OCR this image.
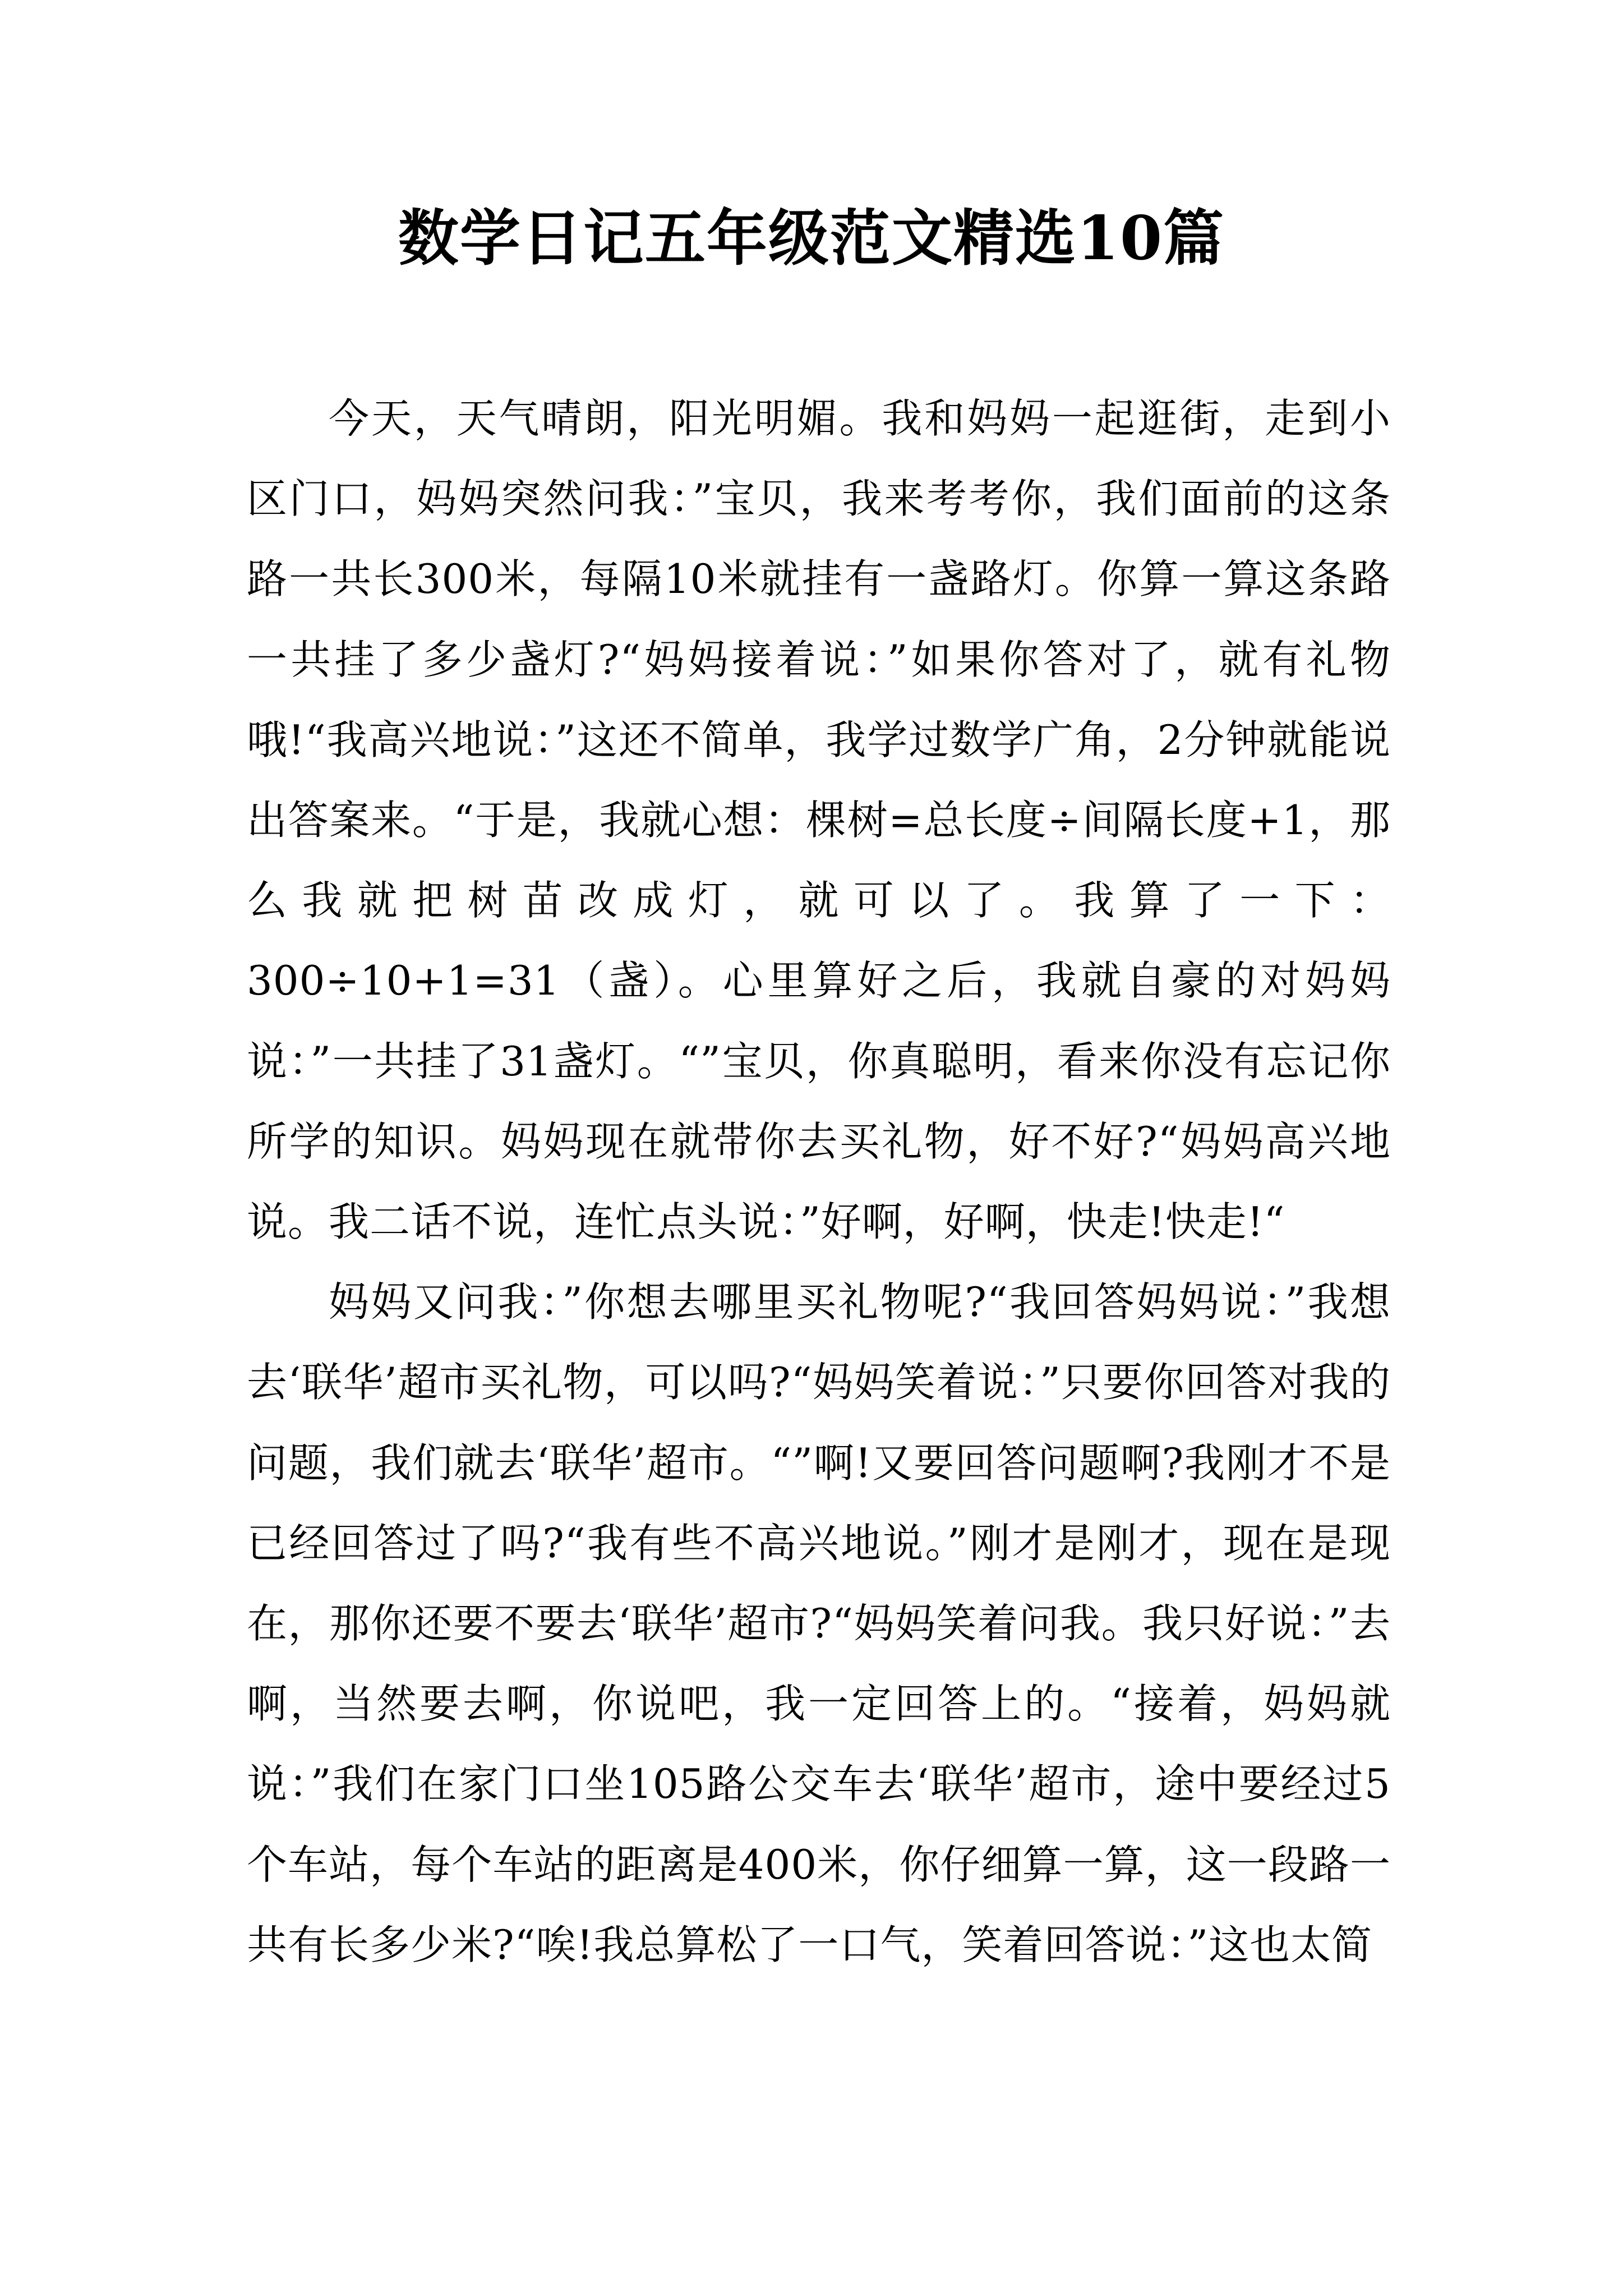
数学日记五年级范文精选10篇

今天，天气晴朗，阳光明媚。我和妈妈一起逛街，走到小区门口，妈妈突然问我：”宝贝，我来考考你，我们面前的这条路一共长300米，每隔10米就挂有一盏路灯。你算一算这条路一共挂了多少盏灯?“妈妈接着说：”如果你答对了，就有礼物哦!“我高兴地说：”这还不简单，我学过数学广角，2分钟就能说出答案来。“于是，我就心想：棵树=总长度÷间隔长度+1，那么我就把树苗改成灯，就可以了。我算了一下：300÷10+1=31（盏）。心里算好之后，我就自豪的对妈妈说：”一共挂了31盏灯。“”宝贝，你真聪明，看来你没有忘记你所学的知识。妈妈现在就带你去买礼物，好不好?“妈妈高兴地说。我二话不说，连忙点头说：”好啊，好啊，快走!快走!“

妈妈又问我：”你想去哪里买礼物呢?“我回答妈妈说：”我想去‘联华’超市买礼物，可以吗?“妈妈笑着说：”只要你回答对我的问题，我们就去‘联华’超市。“”啊!又要回答问题啊?我刚才不是已经回答过了吗?“我有些不高兴地说。”刚才是刚才，现在是现在，那你还要不要去‘联华’超市?“妈妈笑着问我。我只好说：”去啊，当然要去啊，你说吧，我一定回答上的。“接着，妈妈就说：”我们在家门口坐105路公交车去‘联华’超市，途中要经过5个车站，每个车站的距离是400米，你仔细算一算，这一段路一共有长多少米?“唉!我总算松了一口气，笑着回答说：”这也太简
